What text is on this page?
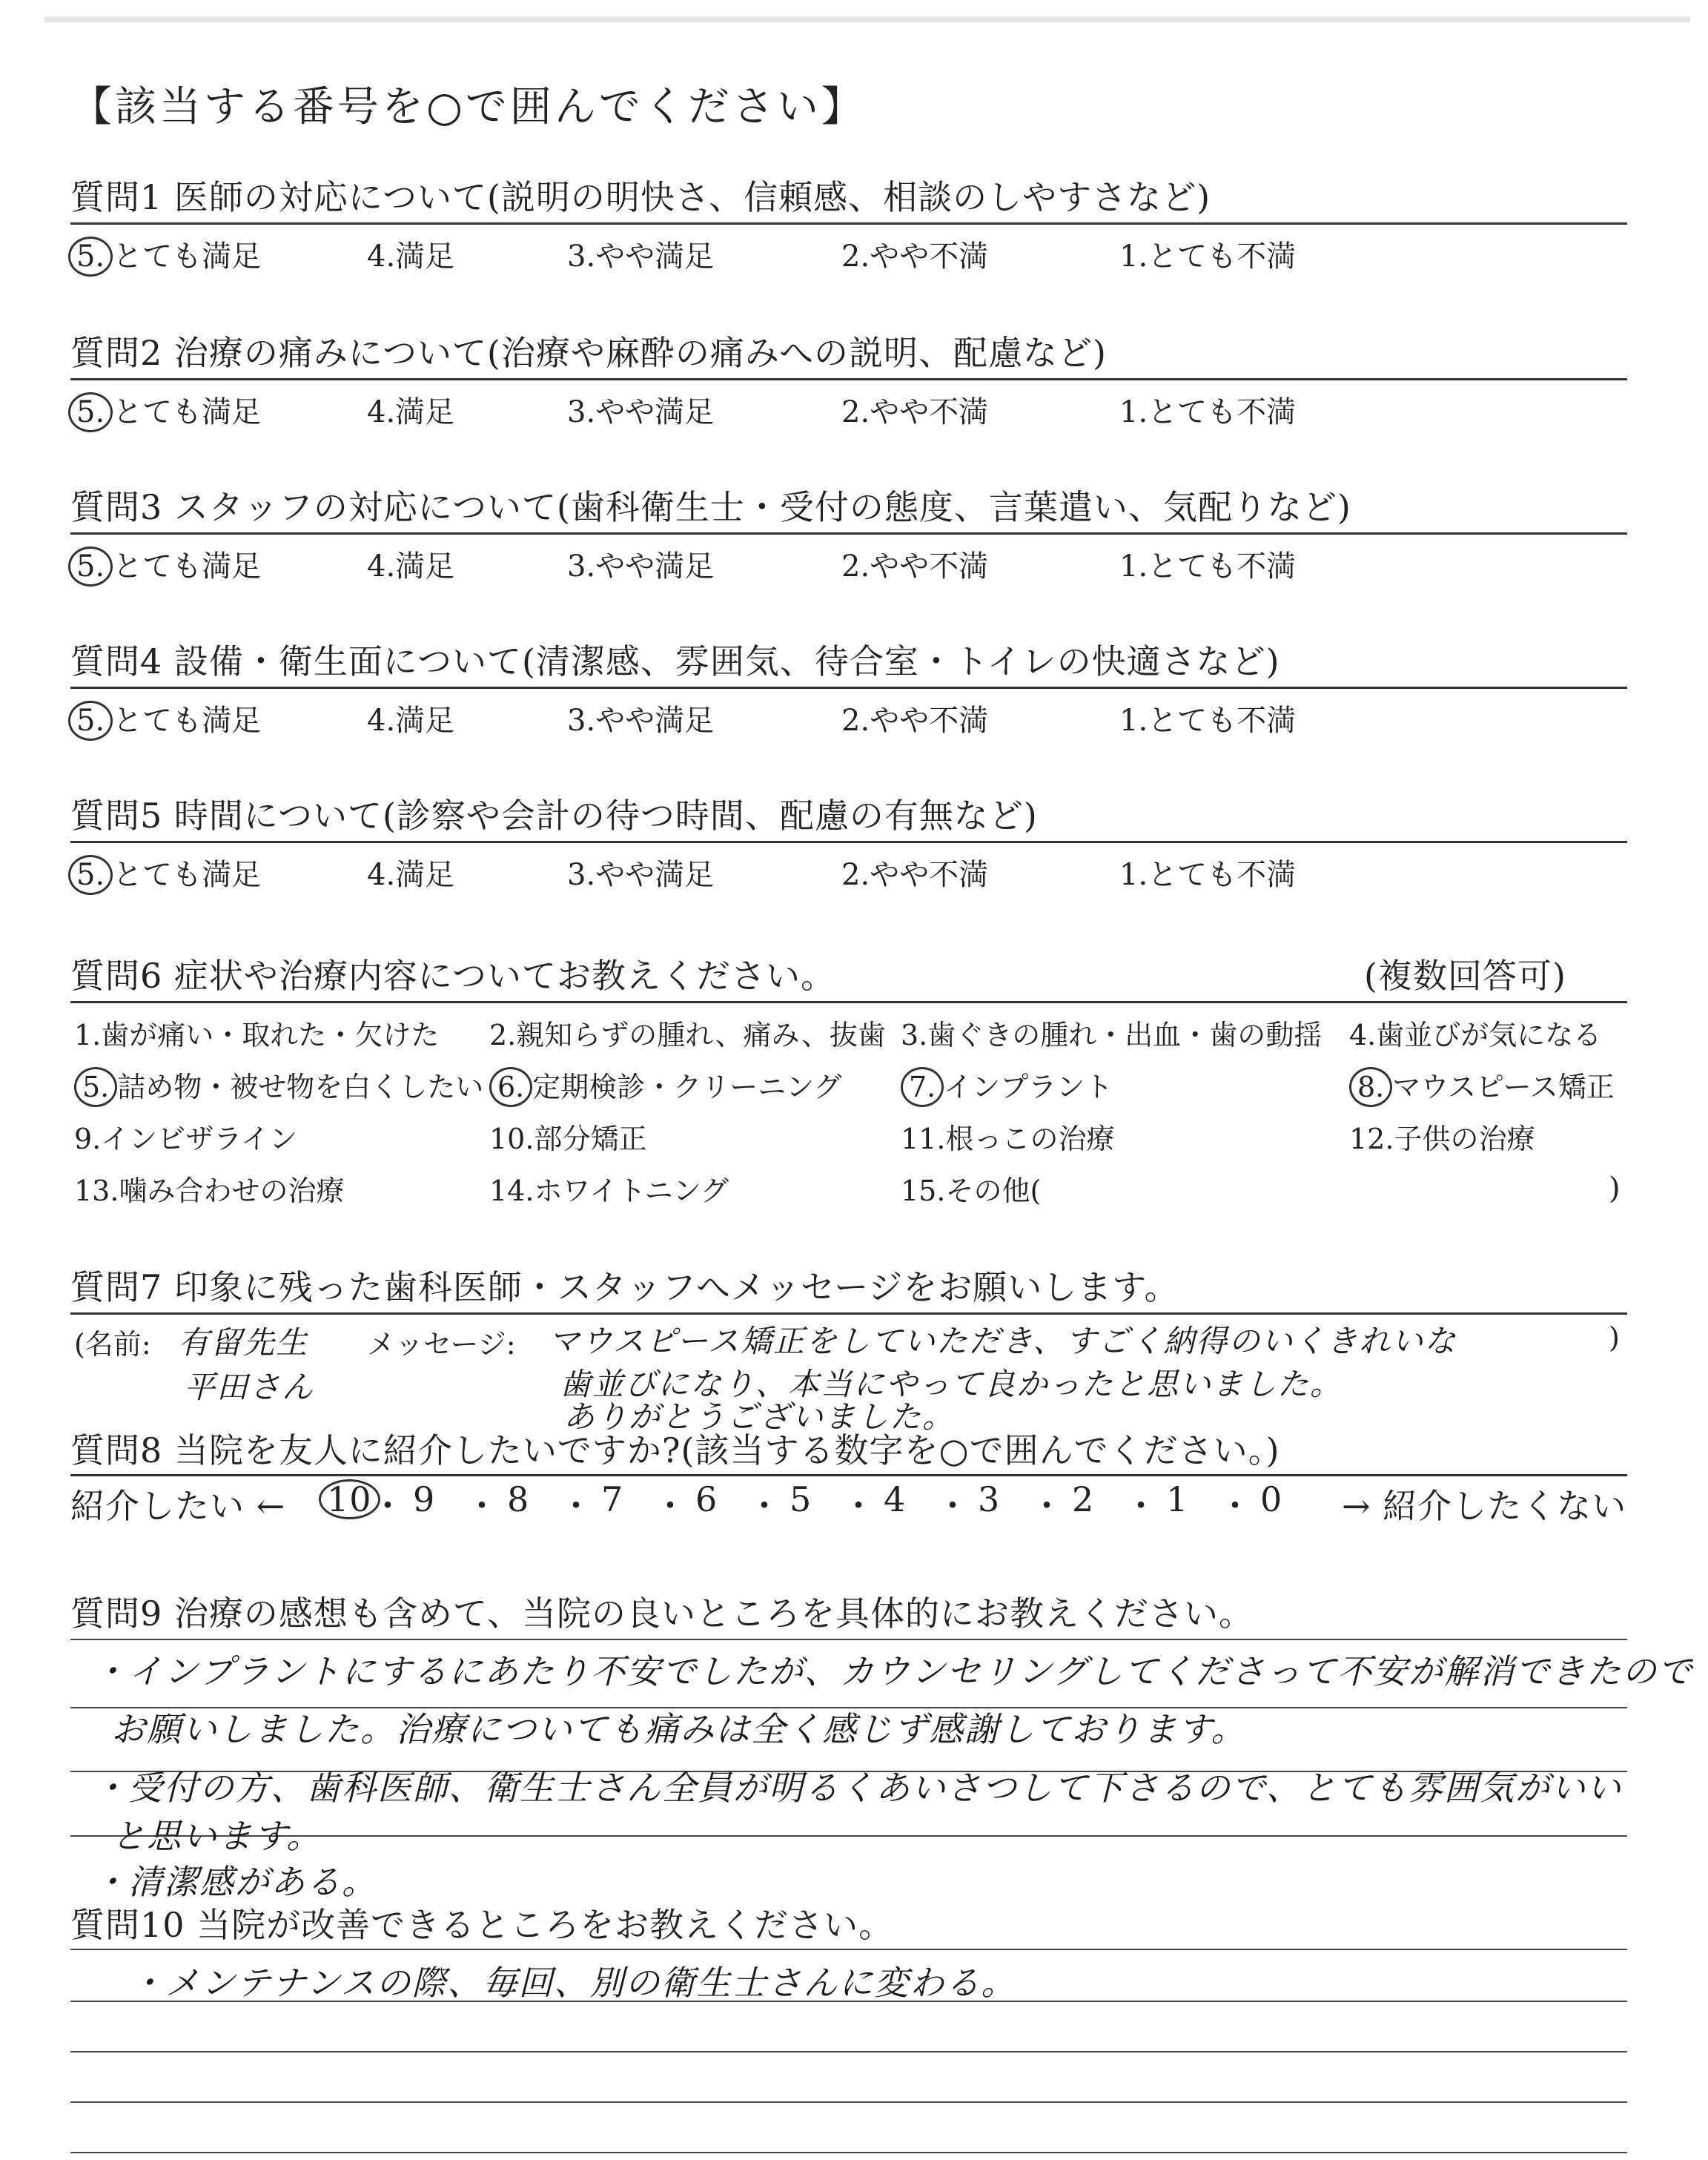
【該当する番号を○で囲んでください】
質問1 医師の対応について(説明の明快さ、信頼感、相談のしやすさなど)
5. とても満足	4.満足	3.やや満足	2.やや不満	1.とても不満
質問2 治療の痛みについて(治療や麻酔の痛みへの説明、配慮など)
5. とても満足	4.満足	3.やや満足	2.やや不満	1.とても不満
質問3 スタッフの対応について(歯科衛生士・受付の態度、言葉遣い、気配りなど)
5. とても満足	4.満足	3.やや満足	2.やや不満	1.とても不満
質問4 設備・衛生面について(清潔感、雰囲気、待合室・トイレの快適さなど)
5. とても満足	4.満足	3.やや満足	2.やや不満	1.とても不満
質問5 時間について(診察や会計の待つ時間、配慮の有無など)
5. とても満足	4.満足	3.やや満足	2.やや不満	1.とても不満
質問6 症状や治療内容についてお教えください。	(複数回答可)
1.歯が痛い・取れた・欠けた 2.親知らずの腫れ、痛み、抜歯 3.歯ぐきの腫れ・出血・歯の動揺 4.歯並びが気になる
5. 詰め物・被せ物を白くしたい 6. 定期検診・クリーニング 7. インプラント	8. マウスピース矯正
9.インビザライン	10.部分矯正	11.根っこの治療	12.子供の治療
13.噛み合わせの治療	14.ホワイトニング	15.その他(	)
質問7 印象に残った歯科医師・スタッフへメッセージをお願いします。
(名前: 有留先生
平田さん
メッセージ: マウスピース矯正をしていただき、すごく納得のいくきれいな
歯並びになり、本当にやって良かったと思いました。
ありがとうございました。
)
質問8 当院を友人に紹介したいですか?(該当する数字を○で囲んでください。)
紹介したい ← 10
・ 9 ・ 8 ・ 7 ・ 6 ・ 5 ・ 4 ・ 3 ・ 2 ・ 1 ・ 0 → 紹介したくない
質問9 治療の感想も含めて、当院の良いところを具体的にお教えください。
・インプラントにするにあたり不安でしたが、カウンセリングしてくださって不安が解消できたので
お願いしました。治療についても痛みは全く感じず感謝しております。
・受付の方、歯科医師、衛生士さん全員が明るくあいさつして下さるので、とても雰囲気がいい
と思います。
・清潔感がある。
質問10 当院が改善できるところをお教えください。
・メンテナンスの際、毎回、別の衛生士さんに変わる。
